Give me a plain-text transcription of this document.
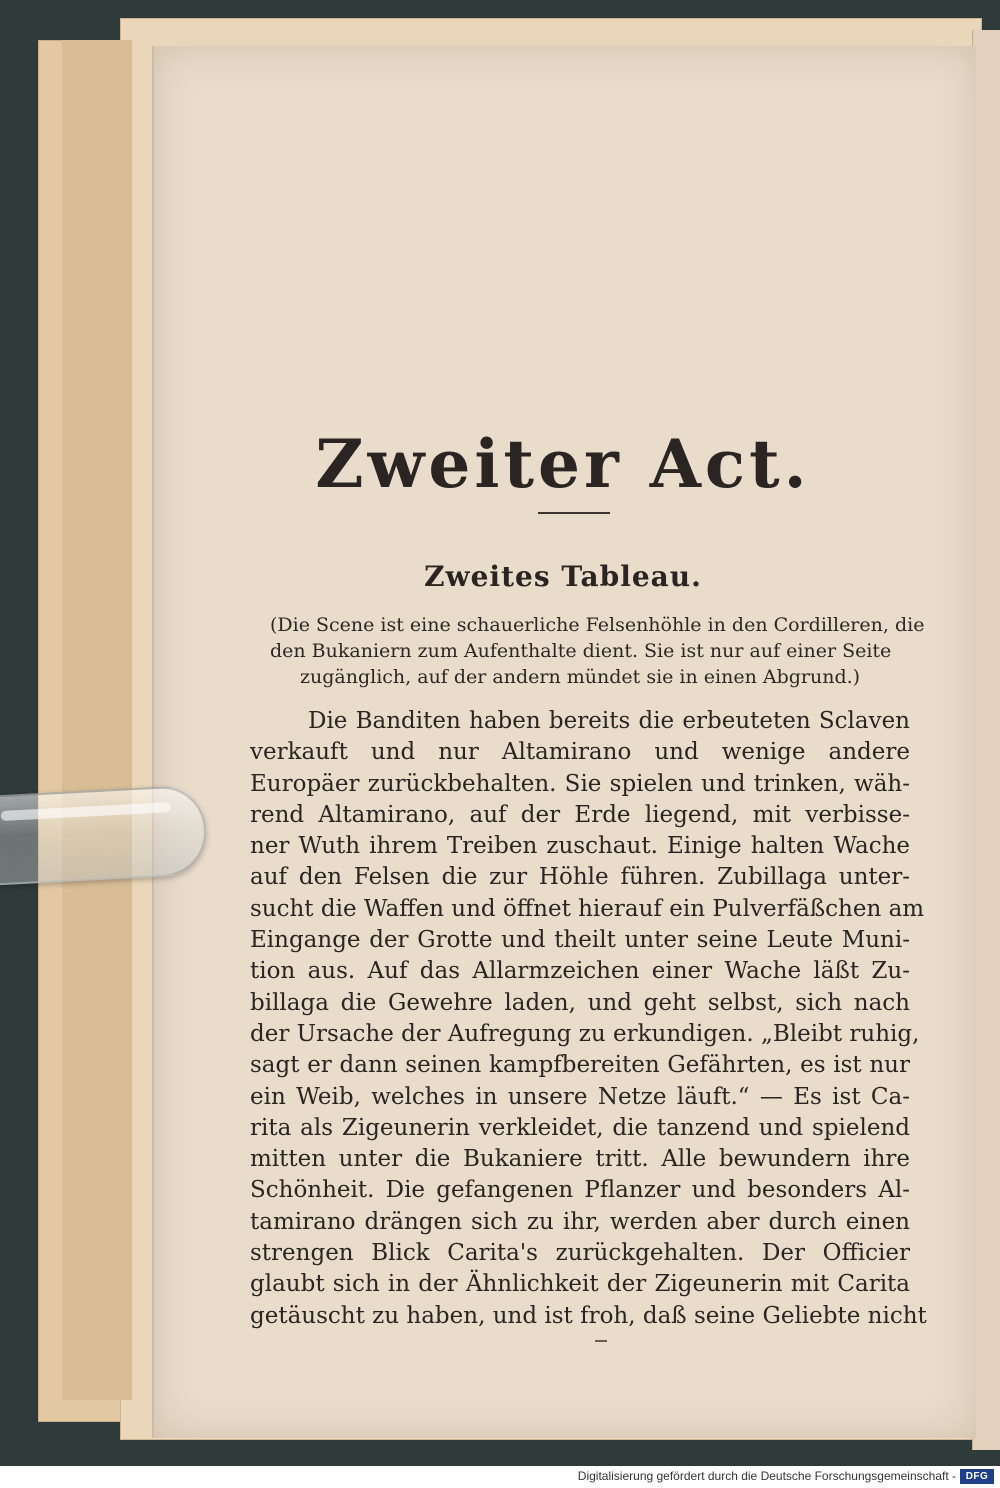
Zweiter Act.
Zweites Tableau.
(Die Scene ist eine schauerliche Felsenhöhle in den Cordilleren, die
den Bukaniern zum Aufenthalte dient. Sie ist nur auf einer Seite
zugänglich, auf der andern mündet sie in einen Abgrund.)
Die Banditen haben bereits die erbeuteten Sclaven
verkauft und nur Altamirano und wenige andere
Europäer zurückbehalten. Sie spielen und trinken, wäh-
rend Altamirano, auf der Erde liegend, mit verbisse-
ner Wuth ihrem Treiben zuschaut. Einige halten Wache
auf den Felsen die zur Höhle führen. Zubillaga unter-
sucht die Waffen und öffnet hierauf ein Pulverfäßchen am
Eingange der Grotte und theilt unter seine Leute Muni-
tion aus. Auf das Allarmzeichen einer Wache läßt Zu-
billaga die Gewehre laden, und geht selbst, sich nach
der Ursache der Aufregung zu erkundigen. „Bleibt ruhig,
sagt er dann seinen kampfbereiten Gefährten, es ist nur
ein Weib, welches in unsere Netze läuft.“ — Es ist Ca-
rita als Zigeunerin verkleidet, die tanzend und spielend
mitten unter die Bukaniere tritt. Alle bewundern ihre
Schönheit. Die gefangenen Pflanzer und besonders Al-
tamirano drängen sich zu ihr, werden aber durch einen
strengen Blick Carita's zurückgehalten. Der Officier
glaubt sich in der Ähnlichkeit der Zigeunerin mit Carita
getäuscht zu haben, und ist froh, daß seine Geliebte nicht
Digitalisierung gefördert durch die Deutsche Forschungsgemeinschaft - DFG
